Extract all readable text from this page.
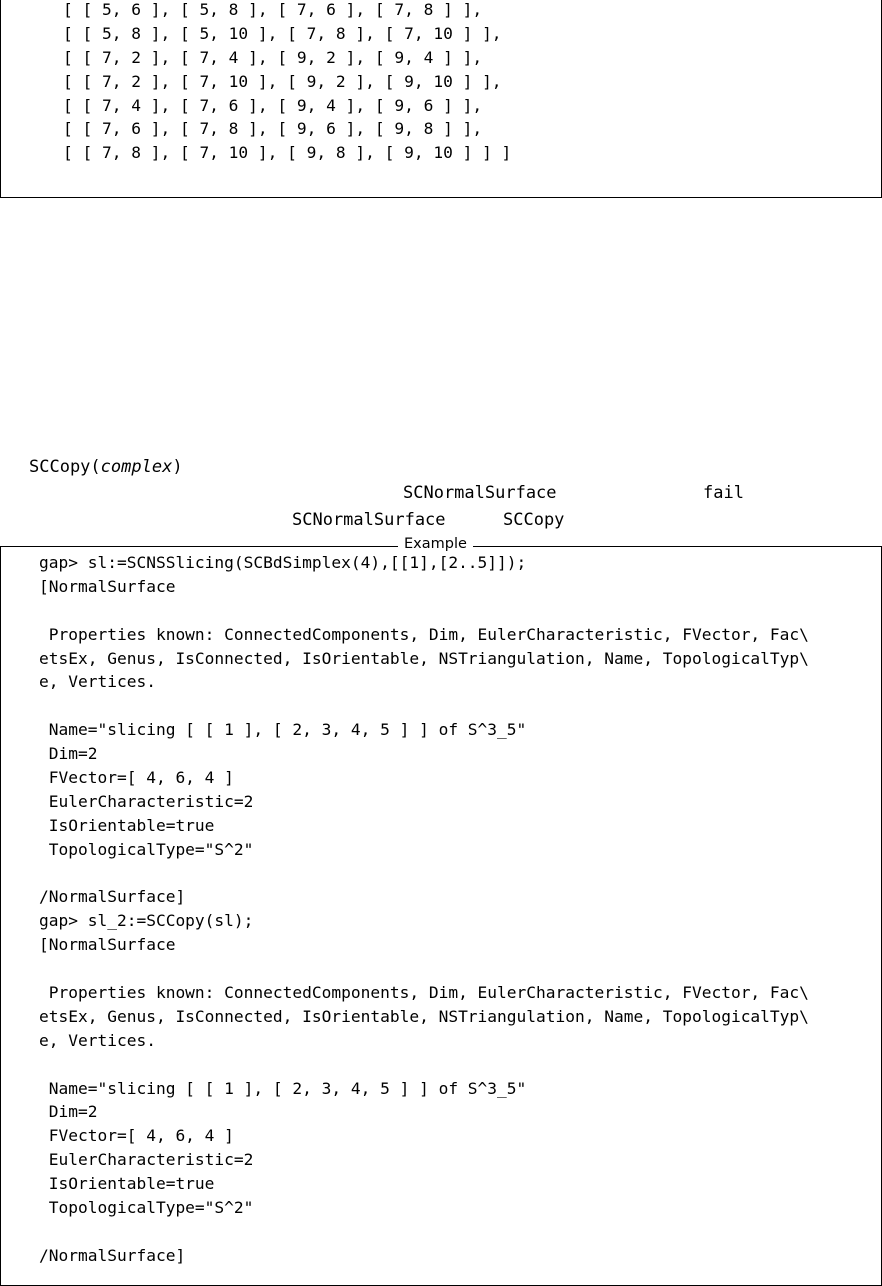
[ [ 5, 6 ], [ 5, 8 ], [ 7, 6 ], [ 7, 8 ] ],
[ [ 5, 8 ], [ 5, 10 ], [ 7, 8 ], [ 7, 10 ] ],
[ [ 7, 2 ], [ 7, 4 ], [ 9, 2 ], [ 9, 4 ] ],
[ [ 7, 2 ], [ 7, 10 ], [ 9, 2 ], [ 9, 10 ] ],
[ [ 7, 4 ], [ 7, 6 ], [ 9, 4 ], [ 9, 6 ] ],
[ [ 7, 6 ], [ 7, 8 ], [ 9, 6 ], [ 9, 8 ] ],
[ [ 7, 8 ], [ 7, 10 ], [ 9, 8 ], [ 9, 10 ] ] ]
SCCopy(complex)
SCNormalSurface	fail
SCNormalSurface	SCCopy
gap> sl:=SCNSSlicing(SCBdSimplex(4),[[1],[2..5]]);
[NormalSurface
Properties known: ConnectedComponents, Dim, EulerCharacteristic, FVector, Fac\
etsEx, Genus, IsConnected, IsOrientable, NSTriangulation, Name, TopologicalTyp\
e, Vertices.
Name="slicing [ [ 1 ], [ 2, 3, 4, 5 ] ] of S^3_5"
Dim=2
FVector=[ 4, 6, 4 ]
EulerCharacteristic=2
IsOrientable=true
TopologicalType="S^2"
/NormalSurface]
gap> sl_2:=SCCopy(sl);
[NormalSurface
Properties known: ConnectedComponents, Dim, EulerCharacteristic, FVector, Fac\
etsEx, Genus, IsConnected, IsOrientable, NSTriangulation, Name, TopologicalTyp\
e, Vertices.
Name="slicing [ [ 1 ], [ 2, 3, 4, 5 ] ] of S^3_5"
Dim=2
FVector=[ 4, 6, 4 ]
EulerCharacteristic=2
IsOrientable=true
TopologicalType="S^2"
/NormalSurface]
Example
